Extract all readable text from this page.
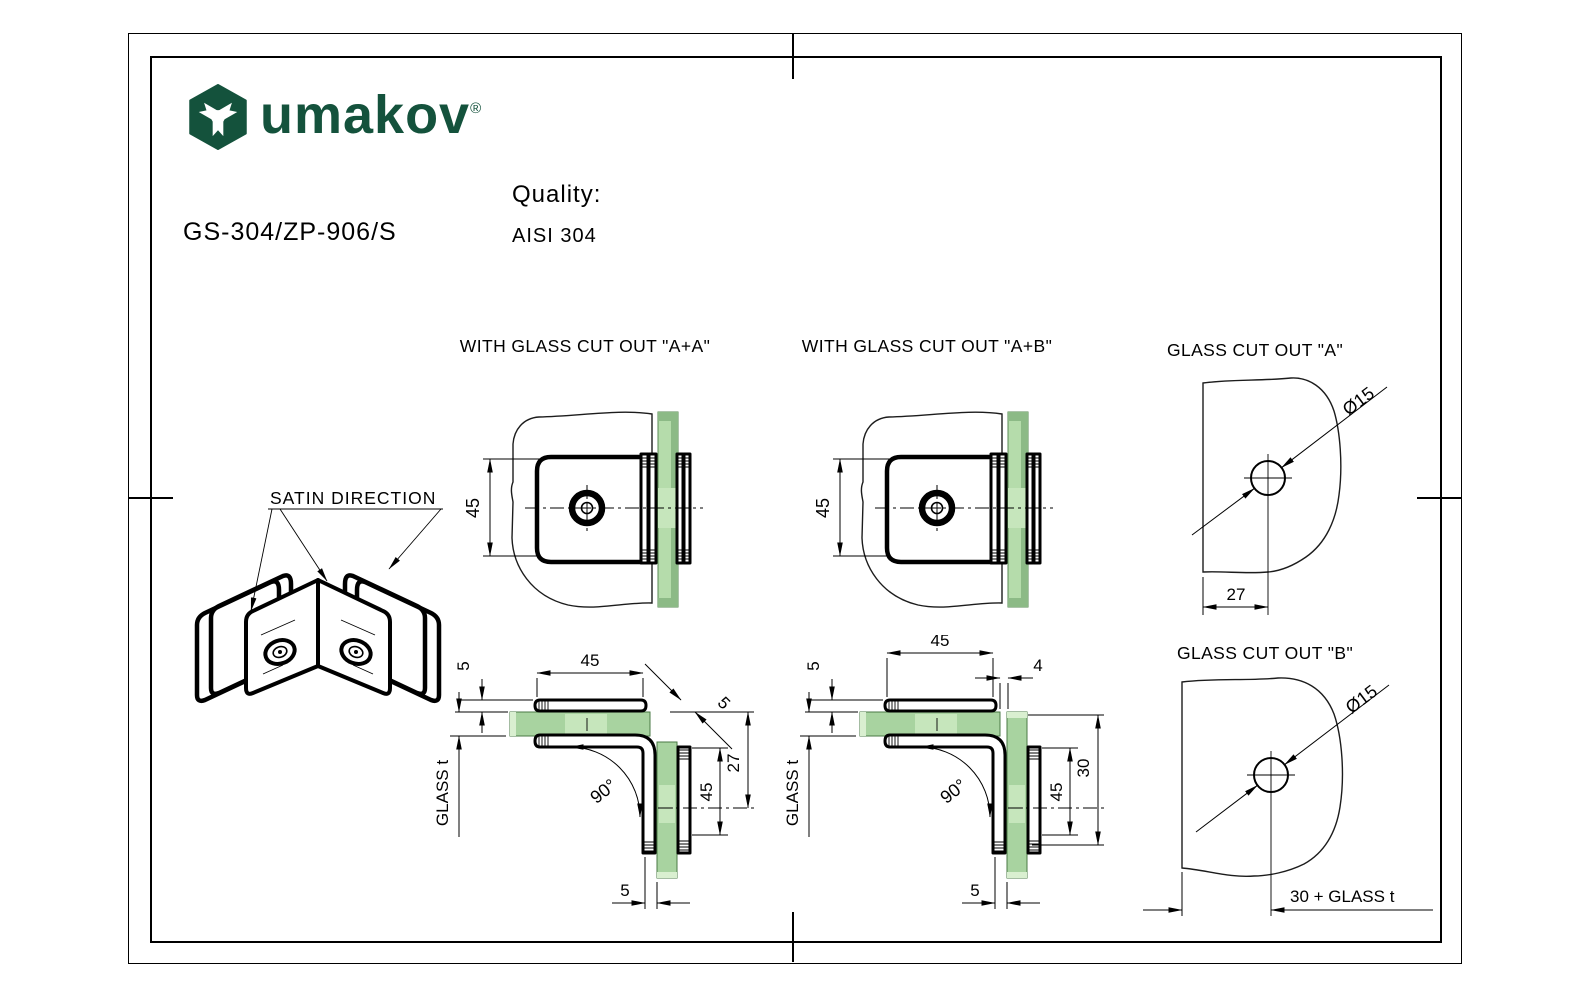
umakov®
GS-304/ZP-906/S
Quality:
AISI 304
WITH GLASS CUT OUT "A+A"	WITH GLASS CUT OUT "A+B"	GLASS CUT OUT "A"
GLASS CUT OUT "B"
SATIN DIRECTION 45	45
45
5
GLASS t	90°
5
45
27
5
45
4
5
GLASS t	90°	45
30
5
Ø15
27
Ø15
30 + GLASS t
